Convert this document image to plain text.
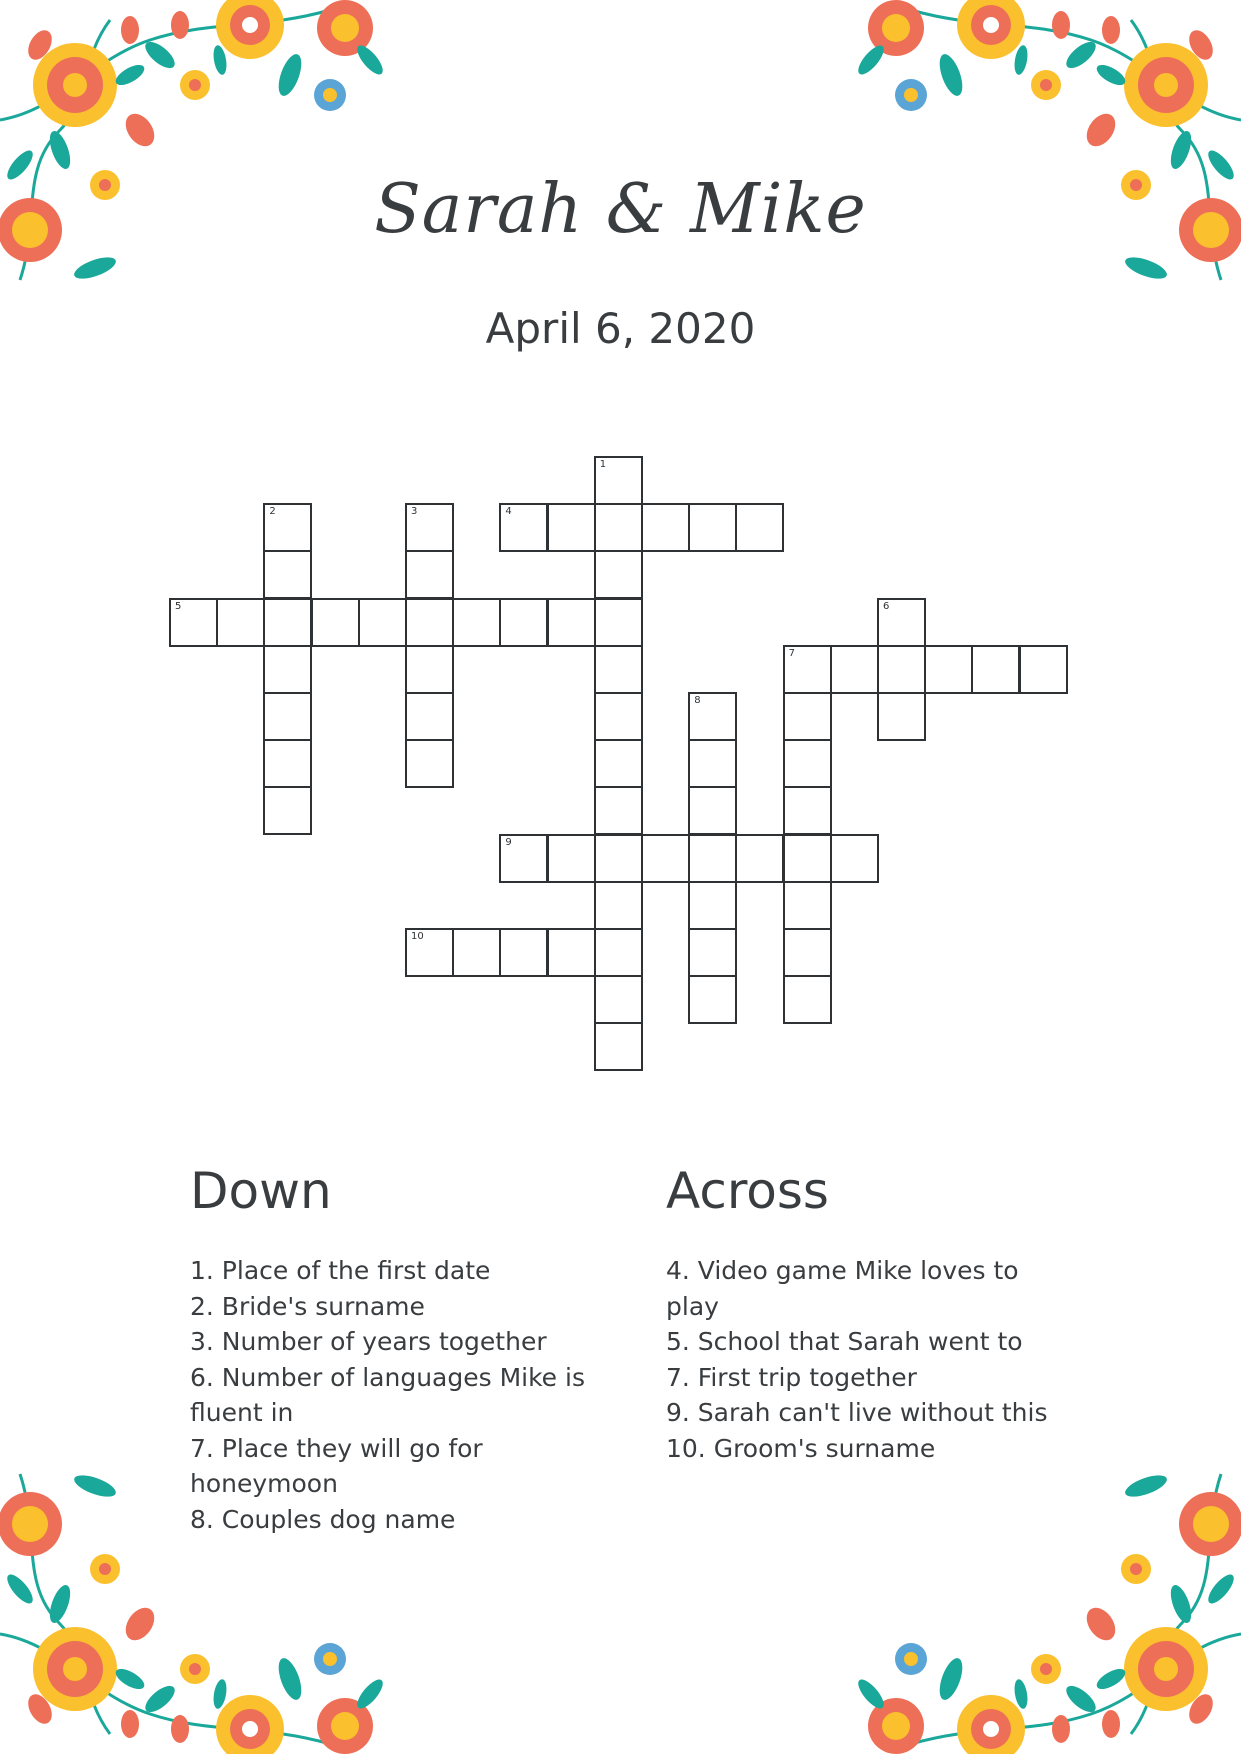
Sarah & Mike
April 6, 2020
1
2	3	4
5	6
7
8
9
10
Down
1. Place of the first date
2. Bride's surname
3. Number of years together
6. Number of languages Mike is fluent in
7. Place they will go for honeymoon
8. Couples dog name
Across
4. Video game Mike loves to play
5. School that Sarah went to
7. First trip together
9. Sarah can't live without this
10. Groom's surname
